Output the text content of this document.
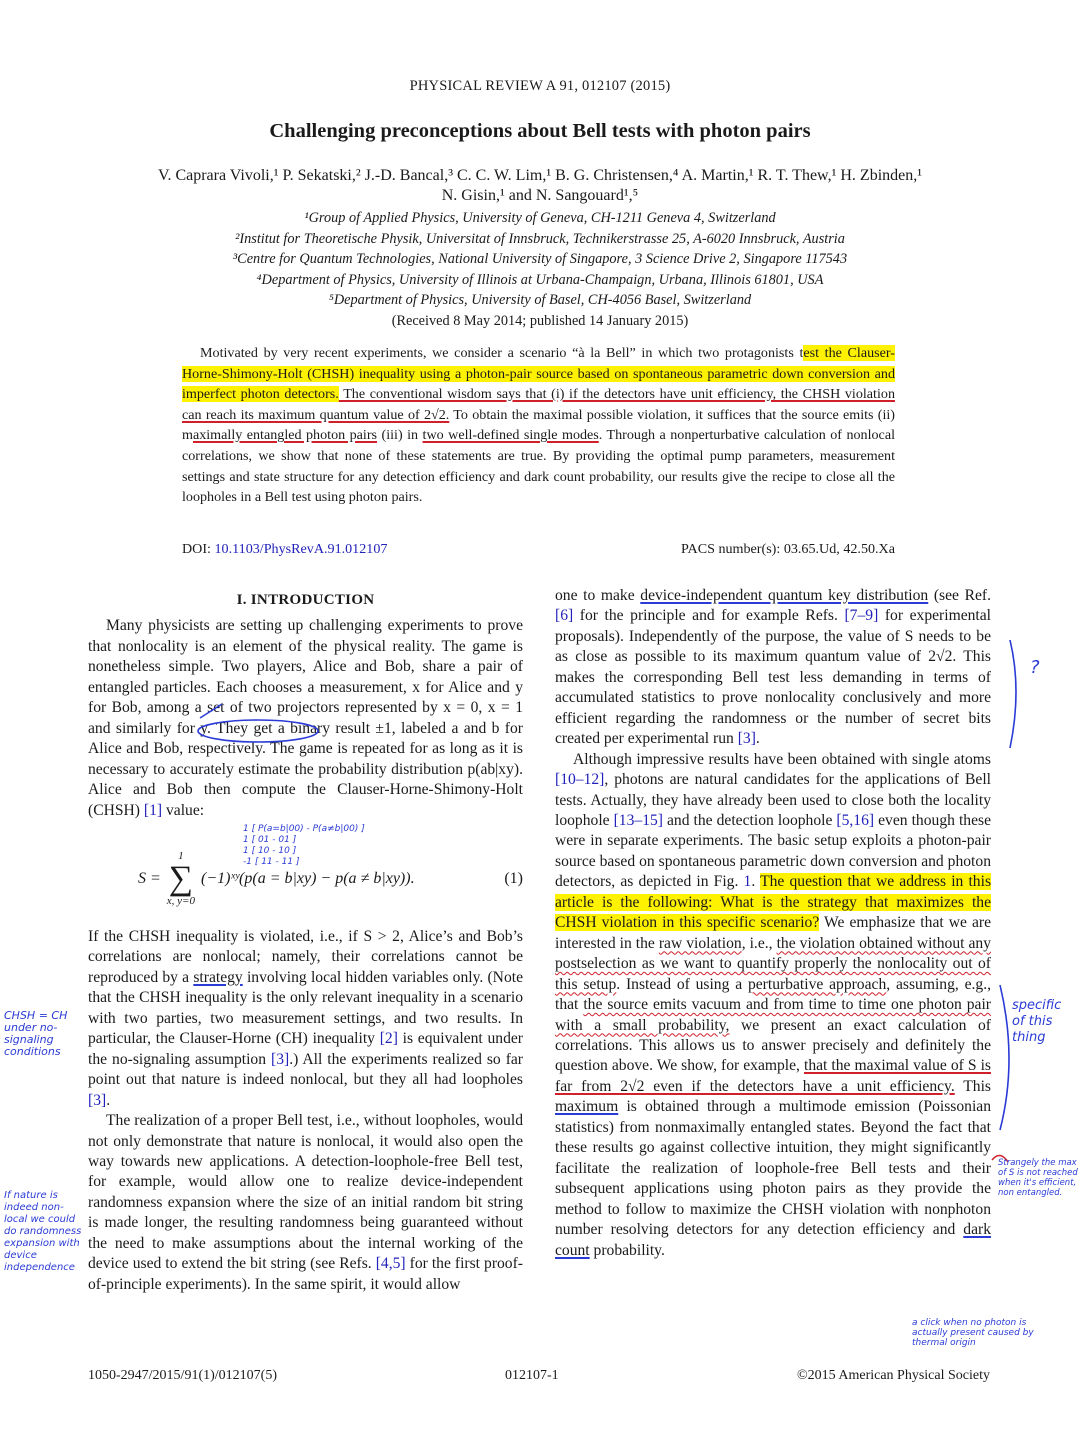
PHYSICAL REVIEW A 91, 012107 (2015)
Challenging preconceptions about Bell tests with photon pairs
V. Caprara Vivoli,¹ P. Sekatski,² J.-D. Bancal,³ C. C. W. Lim,¹ B. G. Christensen,⁴ A. Martin,¹ R. T. Thew,¹ H. Zbinden,¹
N. Gisin,¹ and N. Sangouard¹,⁵
¹Group of Applied Physics, University of Geneva, CH-1211 Geneva 4, Switzerland
²Institut for Theoretische Physik, Universitat of Innsbruck, Technikerstrasse 25, A-6020 Innsbruck, Austria
³Centre for Quantum Technologies, National University of Singapore, 3 Science Drive 2, Singapore 117543
⁴Department of Physics, University of Illinois at Urbana-Champaign, Urbana, Illinois 61801, USA
⁵Department of Physics, University of Basel, CH-4056 Basel, Switzerland
(Received 8 May 2014; published 14 January 2015)

Motivated by very recent experiments, we consider a scenario “à la Bell” in which two protagonists test the Clauser-Horne-Shimony-Holt (CHSH) inequality using a photon-pair source based on spontaneous parametric down conversion and imperfect photon detectors. The conventional wisdom says that (i) if the detectors have unit efficiency, the CHSH violation can reach its maximum quantum value of 2√2. To obtain the maximal possible violation, it suffices that the source emits (ii) maximally entangled photon pairs (iii) in two well-defined single modes. Through a nonperturbative calculation of nonlocal correlations, we show that none of these statements are true. By providing the optimal pump parameters, measurement settings and state structure for any detection efficiency and dark count probability, our results give the recipe to close all the loopholes in a Bell test using photon pairs.

DOI: 10.1103/PhysRevA.91.012107	PACS number(s): 03.65.Ud, 42.50.Xa
I. INTRODUCTION

Many physicists are setting up challenging experiments to prove that nonlocality is an element of the physical reality. The game is nonetheless simple. Two players, Alice and Bob, share a pair of entangled particles. Each chooses a measurement, x for Alice and y for Bob, among a set of two projectors represented by x = 0, x = 1 and similarly for y. They get a binary result ±1, labeled a and b for Alice and Bob, respectively. The game is repeated for as long as it is necessary to accurately estimate the probability distribution p(ab|xy). Alice and Bob then compute the Clauser-Horne-Shimony-Holt (CHSH) [1] value:

S =
1
∑
x, y=0
(−1)ˣʸ(p(a = b|xy) − p(a ≠ b|xy)).	(1)

If the CHSH inequality is violated, i.e., if S > 2, Alice’s and Bob’s correlations are nonlocal; namely, their correlations cannot be reproduced by a strategy involving local hidden variables only. (Note that the CHSH inequality is the only relevant inequality in a scenario with two parties, two measurement settings, and two results. In particular, the Clauser-Horne (CH) inequality [2] is equivalent under the no-signaling assumption [3].) All the experiments realized so far point out that nature is indeed nonlocal, but they all had loopholes [3].

The realization of a proper Bell test, i.e., without loopholes, would not only demonstrate that nature is nonlocal, it would also open the way towards new applications. A detection-loophole-free Bell test, for example, would allow one to realize device-independent randomness expansion where the size of an initial random bit string is made longer, the resulting randomness being guaranteed without the need to make assumptions about the internal working of the device used to extend the bit string (see Refs. [4,5] for the first proof-of-principle experiments). In the same spirit, it would allow

one to make device-independent quantum key distribution (see Ref. [6] for the principle and for example Refs. [7–9] for experimental proposals). Independently of the purpose, the value of S needs to be as close as possible to its maximum quantum value of 2√2. This makes the corresponding Bell test less demanding in terms of accumulated statistics to prove nonlocality conclusively and more efficient regarding the randomness or the number of secret bits created per experimental run [3].

Although impressive results have been obtained with single atoms [10–12], photons are natural candidates for the applications of Bell tests. Actually, they have already been used to close both the locality loophole [13–15] and the detection loophole [5,16] even though these were in separate experiments. The basic setup exploits a photon-pair source based on spontaneous parametric down conversion and photon detectors, as depicted in Fig. 1. The question that we address in this article is the following: What is the strategy that maximizes the CHSH violation in this specific scenario? We emphasize that we are interested in the raw violation, i.e., the violation obtained without any postselection as we want to quantify properly the nonlocality out of this setup. Instead of using a perturbative approach, assuming, e.g., that the source emits vacuum and from time to time one photon pair with a small probability, we present an exact calculation of correlations. This allows us to answer precisely and definitely the question above. We show, for example, that the maximal value of S is far from 2√2 even if the detectors have a unit efficiency. This maximum is obtained through a multimode emission (Poissonian statistics) from nonmaximally entangled states. Beyond the fact that these results go against collective intuition, they might significantly facilitate the realization of loophole-free Bell tests and their subsequent applications using photon pairs as they provide the method to follow to maximize the CHSH violation with nonphoton number resolving detectors for any detection efficiency and dark count probability.

1 [ P(a=b|00) - P(a≠b|00) ]
1 [ 01 - 01 ]
1 [ 10 - 10 ]
-1 [ 11 - 11 ]
CHSH = CH under no-signaling conditions
If nature is indeed non-local we could do randomness expansion with device independence
?
specific of this thing
Strangely the max of S is not reached when it's efficient, non entangled.
a click when no photon is actually present caused by thermal origin
1050-2947/2015/91(1)/012107(5)	012107-1	©2015 American Physical Society
